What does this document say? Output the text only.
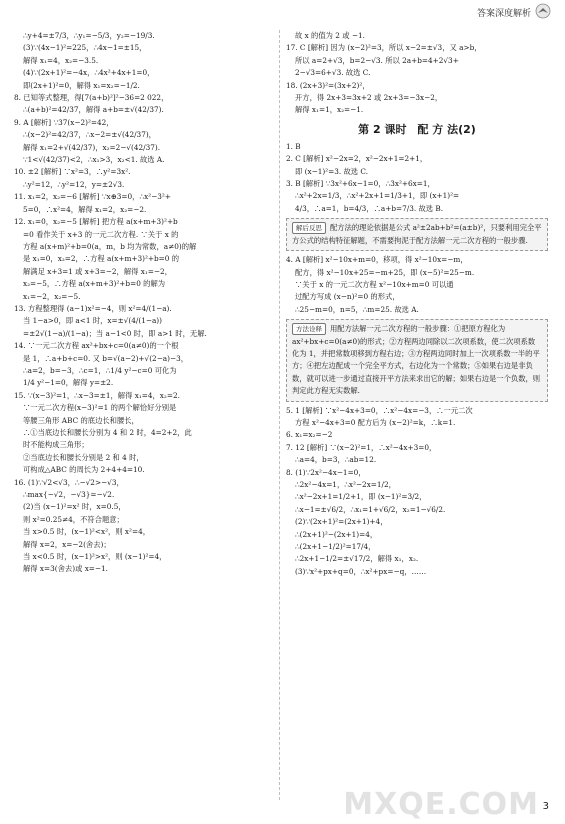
答案深度解析
∴y+4=±7/3，∴y₁=−5/3，y₂=−19/3.
(3)∵(4x−1)²=225，∴4x−1=±15，
解得 x₁=4，x₂=−3.5.
(4)∵(2x+1)²=−4x，∴4x²+4x+1=0，
即(2x+1)²=0，解得 x₁=x₂=−1/2.
8. 已知等式整理，得[7(a+b)²]²−36=2 022，
∴(a+b)²=42/37，解得 a+b=±√(42/37).
9. A [解析] ∵37(x−2)²=42，
∴(x−2)²=42/37，∴x−2=±√(42/37)，
解得 x₁=2+√(42/37)，x₂=2−√(42/37).
∵1<√(42/37)<2，∴x₁>3，x₂<1. 故选 A.
10. ±2 [解析] ∵x²=3，∴y²=3x².
∴y²=12，∴y²=12，y=±2√3.
11. x₁=2，x₂=−6 [解析] ∵x⊕3=0，∴x²−3²+
5=0，∴x²=4，解得 x₁=2，x₂=−2.
12. x₁=0，x₂=−5 [解析] 把方程 a(x+m+3)²+b
=0 看作关于 x+3 的一元二次方程. ∵关于 x 的
方程 a(x+m)²+b=0(a，m，b 均为常数，a≠0)的解
是 x₁=0，x₂=2，∴方程 a(x+m+3)²+b=0 的
解满足 x+3=1 或 x+3=−2，解得 x₁=−2，
x₂=−5，∴方程 a(x+m+3)²+b=0 的解为
x₁=−2，x₂=−5.
13. 方程整理得 (a−1)x²=−4，则 x²=4/(1−a).
当 1−a>0，即 a<1 时，x=±√(4/(1−a))
=±2√(1−a)/(1−a)；当 a−1<0 时，即 a>1 时，无解.
14. ∵一元二次方程 ax²+bx+c=0(a≠0)的一个根
是 1，∴a+b+c=0. 又 b=√(a−2)+√(2−a)−3，
∴a=2，b=−3，∴c=1，∴1/4 y²−c=0 可化为
1/4 y²−1=0，解得 y=±2.
15. ∵(x−3)²=1，∴x−3=±1，解得 x₁=4，x₂=2.
∵一元二次方程(x−3)²=1 的两个解恰好分别是
等腰三角形 ABC 的底边长和腰长，
∴①当底边长和腰长分别为 4 和 2 时，4=2+2，此
时不能构成三角形；
②当底边长和腰长分别是 2 和 4 时，
可构成△ABC 的周长为 2+4+4=10.
16. (1)∵√2<√3，∴−√2>−√3，
∴max{−√2，−√3}=−√2.
(2)当 (x−1)²=x² 时，x=0.5，
则 x²=0.25≠4，不符合题意；
当 x>0.5 时，(x−1)²<x²，则 x²=4，
解得 x=2，x=−2(舍去)；
当 x<0.5 时，(x−1)²>x²，则 (x−1)²=4，
解得 x=3(舍去)或 x=−1.
故 x 的值为 2 或 −1.
17. C [解析] 因为 (x−2)²=3，所以 x−2=±√3，又 a>b，
所以 a=2+√3，b=2−√3. 所以 2a+b=4+2√3+
2−√3=6+√3. 故选 C.
18. (2x+3)²=(3x+2)²，
开方，得 2x+3=3x+2 或 2x+3=−3x−2，
解得 x₁=1，x₂=−1.
第 2 课时　配 方 法(2)
1. B
2. C [解析] x²−2x=2，x²−2x+1=2+1，
即 (x−1)²=3. 故选 C.
3. B [解析] ∵3x²+6x−1=0，∴3x²+6x=1，
∴x²+2x=1/3，∴x²+2x+1=1/3+1，即 (x+1)²=
4/3，∴a=1，b=4/3，∴a+b=7/3. 故选 B.
解后反思 配方法的理论依据是公式 a²±2ab+b²=(a±b)²，只要利用完全平方公式的结构特征解题，不需要拘泥于配方法解一元二次方程的一般步骤.
4. A [解析] x²−10x+m=0，移项，得 x²−10x=−m，
配方，得 x²−10x+25=−m+25，即 (x−5)²=25−m.
∵关于 x 的一元二次方程 x²−10x+m=0 可以通
过配方写成 (x−n)²=0 的形式，
∴25−m=0，n=5，∴m=25. 故选 A.
方法诠释 用配方法解一元二次方程的一般步骤：①把原方程化为 ax²+bx+c=0(a≠0)的形式；②方程两边同除以二次项系数，使二次项系数化为 1，并把常数项移到方程右边；③方程两边同时加上一次项系数一半的平方；④把左边配成一个完全平方式，右边化为一个常数；⑤如果右边是非负数，就可以进一步通过直接开平方法来求出它的解；如果右边是一个负数，则判定此方程无实数解.
5. 1 [解析] ∵x²−4x+3=0，∴x²−4x=−3，∴一元二次
方程 x²−4x+3=0 配方后为 (x−2)²=k，∴k=1.
6. x₁=x₂=−2
7. 12 [解析] ∵(x−2)²=1，∴x²−4x+3=0，
∴a=4，b=3，∴ab=12.
8. (1)∵2x²−4x−1=0，
∴2x²−4x=1，∴x²−2x=1/2，
∴x²−2x+1=1/2+1，即 (x−1)²=3/2，
∴x−1=±√6/2，∴x₁=1+√6/2，x₂=1−√6/2.
(2)∵(2x+1)²=(2x+1)+4，
∴(2x+1)²−(2x+1)=4，
∴(2x+1−1/2)²=17/4，
∴2x+1−1/2=±√17/2，解得 x₁，x₂.
(3)∵x²+px+q=0，∴x²+px=−q，……
MXQE.COM 3
